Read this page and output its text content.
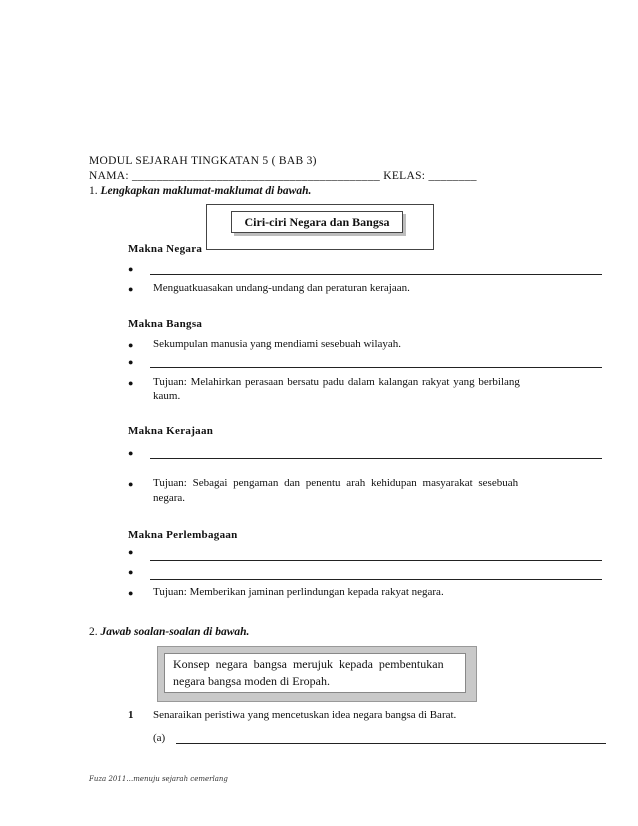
MODUL SEJARAH TINGKATAN 5 ( BAB 3)
NAMA: _________________________________________ KELAS: ________
1. Lengkapkan maklumat-maklumat di bawah.
Ciri-ciri Negara dan Bangsa
Makna Negara
●
● Menguatkuasakan undang-undang dan peraturan kerajaan.
Makna Bangsa
● Sekumpulan manusia yang mendiami sesebuah wilayah.
●
● Tujuan: Melahirkan perasaan bersatu padu dalam kalangan rakyat yang berbilang
kaum.
Makna Kerajaan
●
● Tujuan: Sebagai pengaman dan penentu arah kehidupan masyarakat sesebuah
negara.
Makna Perlembagaan
●
●
● Tujuan: Memberikan jaminan perlindungan kepada rakyat negara.
2. Jawab soalan-soalan di bawah.
Konsep negara bangsa merujuk kepada pembentukan
negara bangsa moden di Eropah.
1 Senaraikan peristiwa yang mencetuskan idea negara bangsa di Barat.
(a)
Fuza 2011…menuju sejarah cemerlang
